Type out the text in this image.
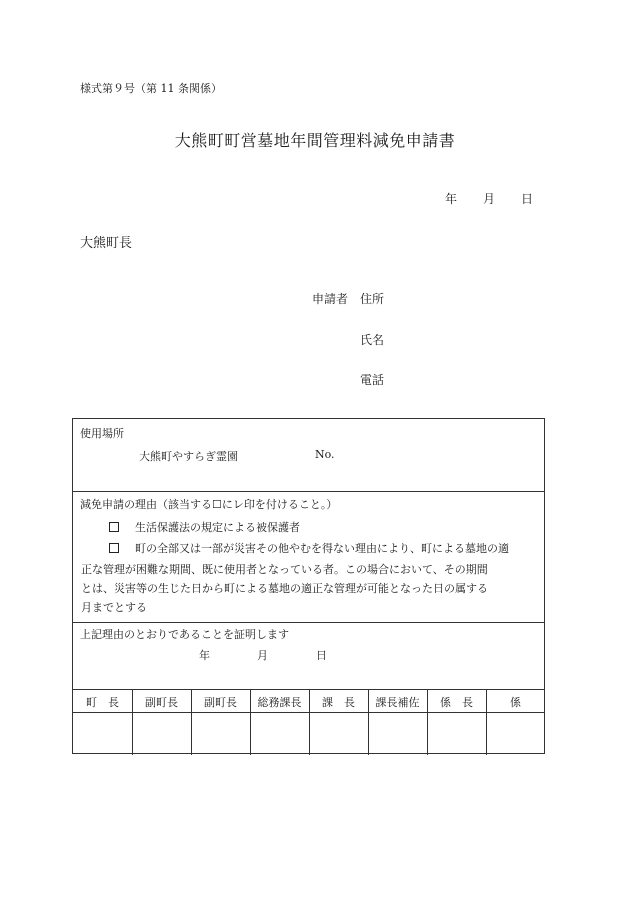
様式第９号（第 11 条関係）
大熊町町営墓地年間管理料減免申請書
年 月 日
大熊町長
申請者 住所
氏名
電話
使用場所
大熊町やすらぎ霊園	No.
減免申請の理由（該当する☐にレ印を付けること。）
生活保護法の規定による被保護者
町の全部又は一部が災害その他やむを得ない理由により、町による墓地の適
正な管理が困難な期間、既に使用者となっている者。この場合において、その期間
とは、災害等の生じた日から町による墓地の適正な管理が可能となった日の属する
月までとする
上記理由のとおりであることを証明します
年	月	日
町　長	副町長	副町長	総務課長	課　長	課長補佐	係　長	係
